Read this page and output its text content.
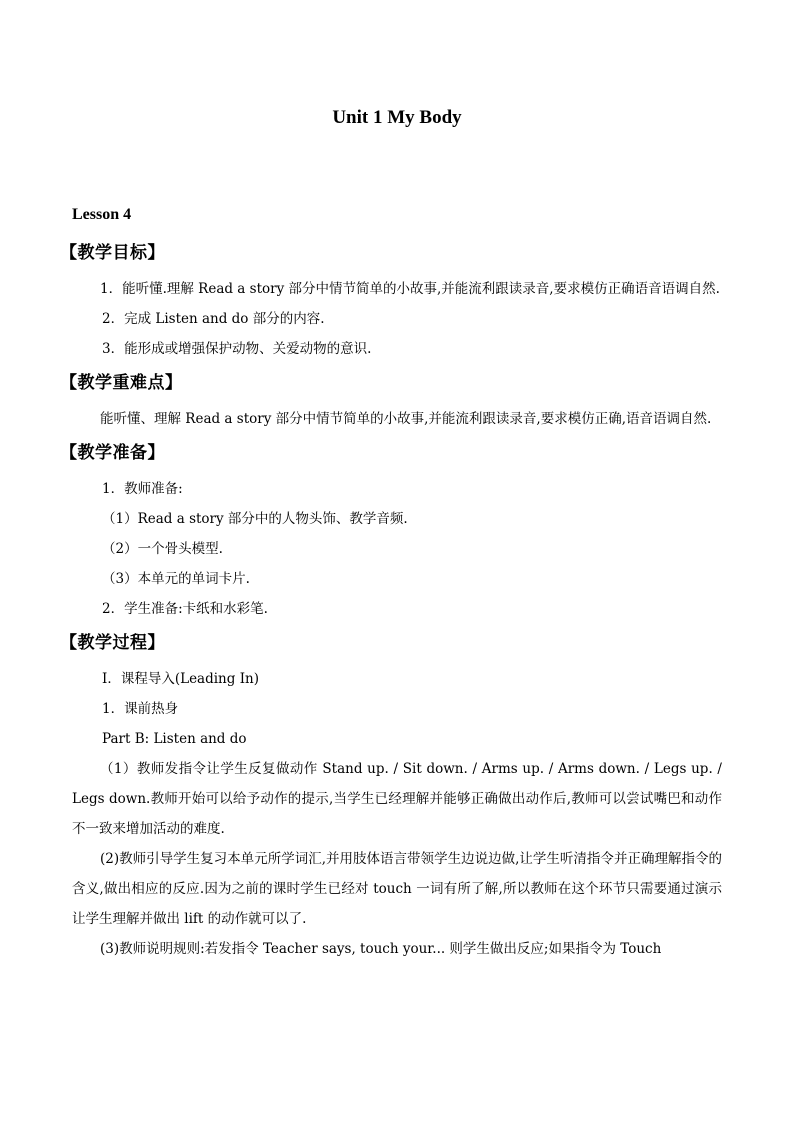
Unit 1 My Body
Lesson 4
【教学目标】
1．能听懂.理解 Read a story 部分中情节简单的小故事,并能流利跟读录音,要求模仿正确语音语调自然.
2．完成 Listen and do 部分的内容.
3．能形成或增强保护动物、关爱动物的意识.
【教学重难点】
能听懂、理解 Read a story 部分中情节简单的小故事,并能流利跟读录音,要求模仿正确,语音语调自然.
【教学准备】
1．教师准备:
（1）Read a story 部分中的人物头饰、教学音频.
（2）一个骨头模型.
（3）本单元的单词卡片.
2．学生准备:卡纸和水彩笔.
【教学过程】
Ⅰ．课程导入(Leading In)
1．课前热身
Part B: Listen and do
（1）教师发指令让学生反复做动作 Stand up. / Sit down. / Arms up. / Arms down. / Legs up. / Legs down.教师开始可以给予动作的提示,当学生已经理解并能够正确做出动作后,教师可以尝试嘴巴和动作不一致来增加活动的难度.
(2)教师引导学生复习本单元所学词汇,并用肢体语言带领学生边说边做,让学生听清指令并正确理解指令的含义,做出相应的反应.因为之前的课时学生已经对 touch 一词有所了解,所以教师在这个环节只需要通过演示让学生理解并做出 lift 的动作就可以了.
(3)教师说明规则:若发指令 Teacher says, touch your... 则学生做出反应;如果指令为 Touch
